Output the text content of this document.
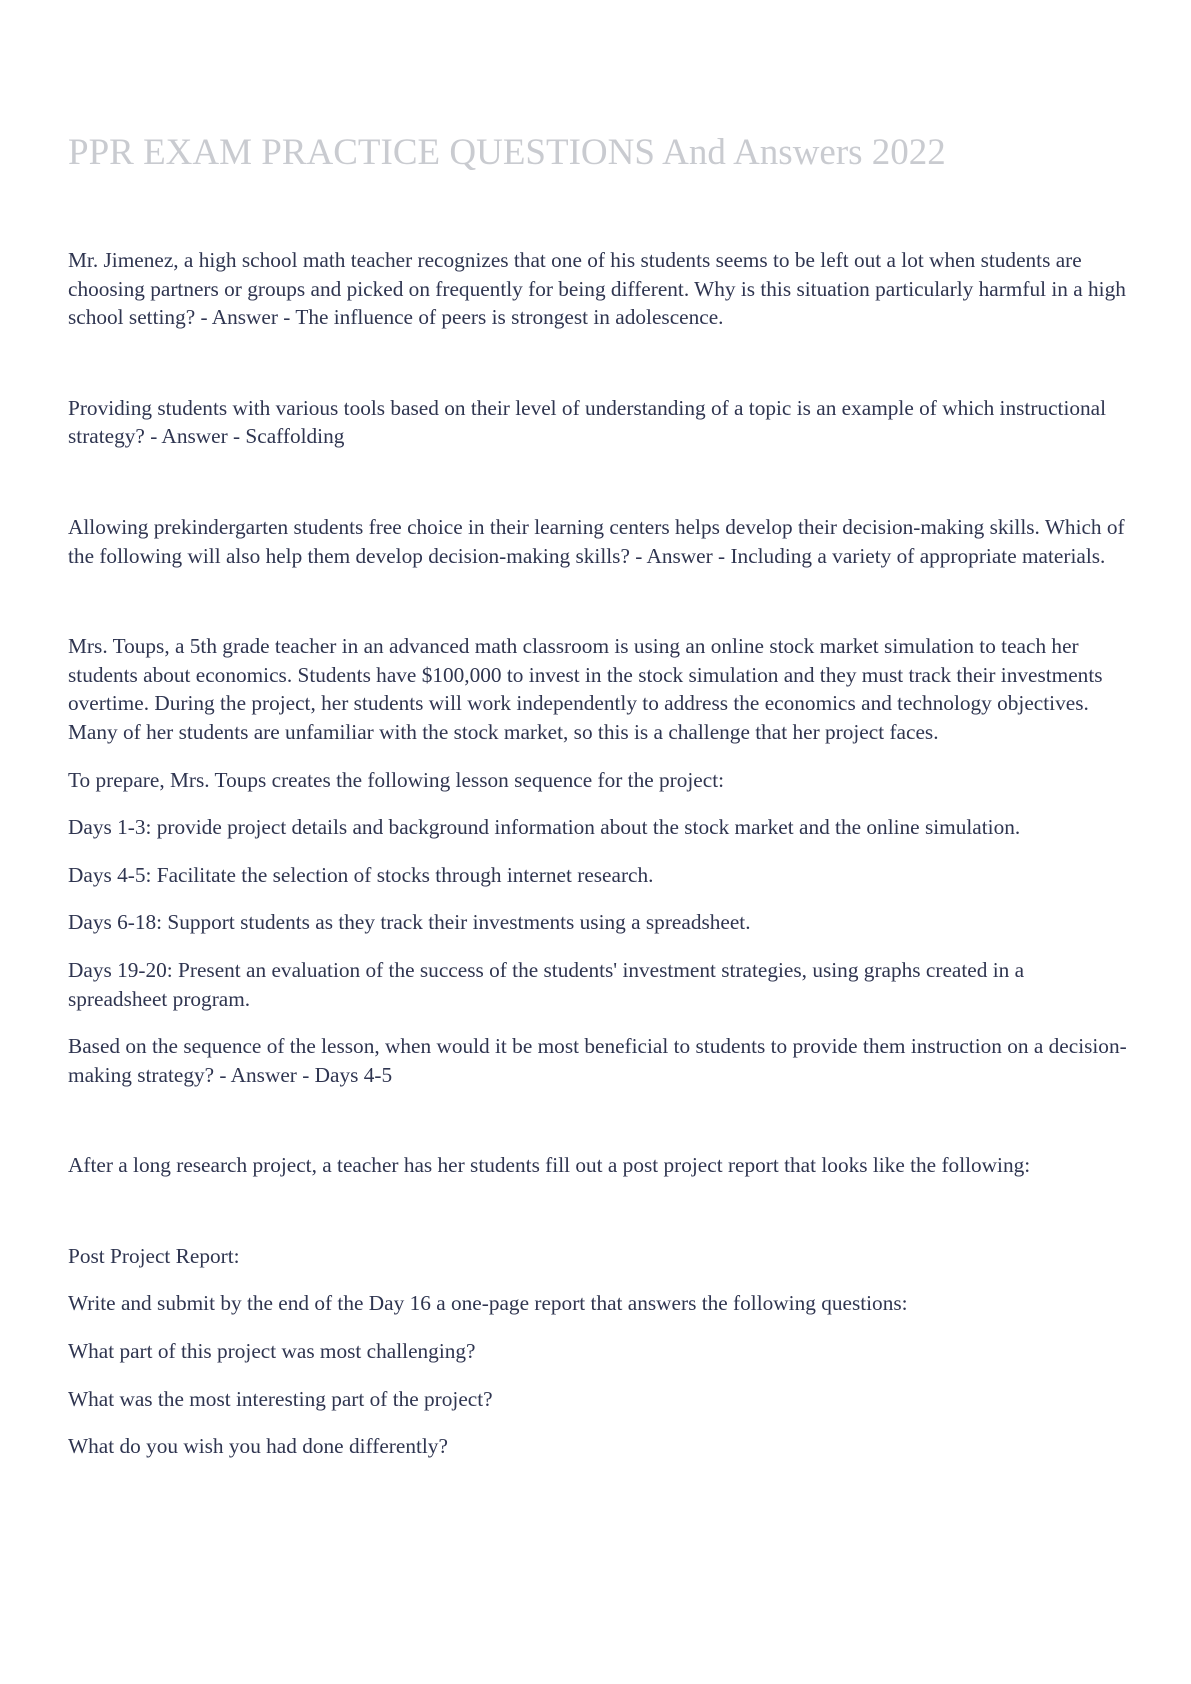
PPR EXAM PRACTICE QUESTIONS And Answers 2022

Mr. Jimenez, a high school math teacher recognizes that one of his students seems to be left out a lot when students are choosing partners or groups and picked on frequently for being different. Why is this situation particularly harmful in a high school setting? - Answer - The influence of peers is strongest in adolescence.

Providing students with various tools based on their level of understanding of a topic is an example of which instructional strategy? - Answer - Scaffolding

Allowing prekindergarten students free choice in their learning centers helps develop their decision-making skills. Which of the following will also help them develop decision-making skills? - Answer - Including a variety of appropriate materials.

Mrs. Toups, a 5th grade teacher in an advanced math classroom is using an online stock market simulation to teach her students about economics. Students have $100,000 to invest in the stock simulation and they must track their investments overtime. During the project, her students will work independently to address the economics and technology objectives. Many of her students are unfamiliar with the stock market, so this is a challenge that her project faces.

To prepare, Mrs. Toups creates the following lesson sequence for the project:

Days 1-3: provide project details and background information about the stock market and the online simulation.

Days 4-5: Facilitate the selection of stocks through internet research.

Days 6-18: Support students as they track their investments using a spreadsheet.

Days 19-20: Present an evaluation of the success of the students' investment strategies, using graphs created in a spreadsheet program.

Based on the sequence of the lesson, when would it be most beneficial to students to provide them instruction on a decision-making strategy? - Answer - Days 4-5

After a long research project, a teacher has her students fill out a post project report that looks like the following:

Post Project Report:

Write and submit by the end of the Day 16 a one-page report that answers the following questions:

What part of this project was most challenging?

What was the most interesting part of the project?

What do you wish you had done differently?
